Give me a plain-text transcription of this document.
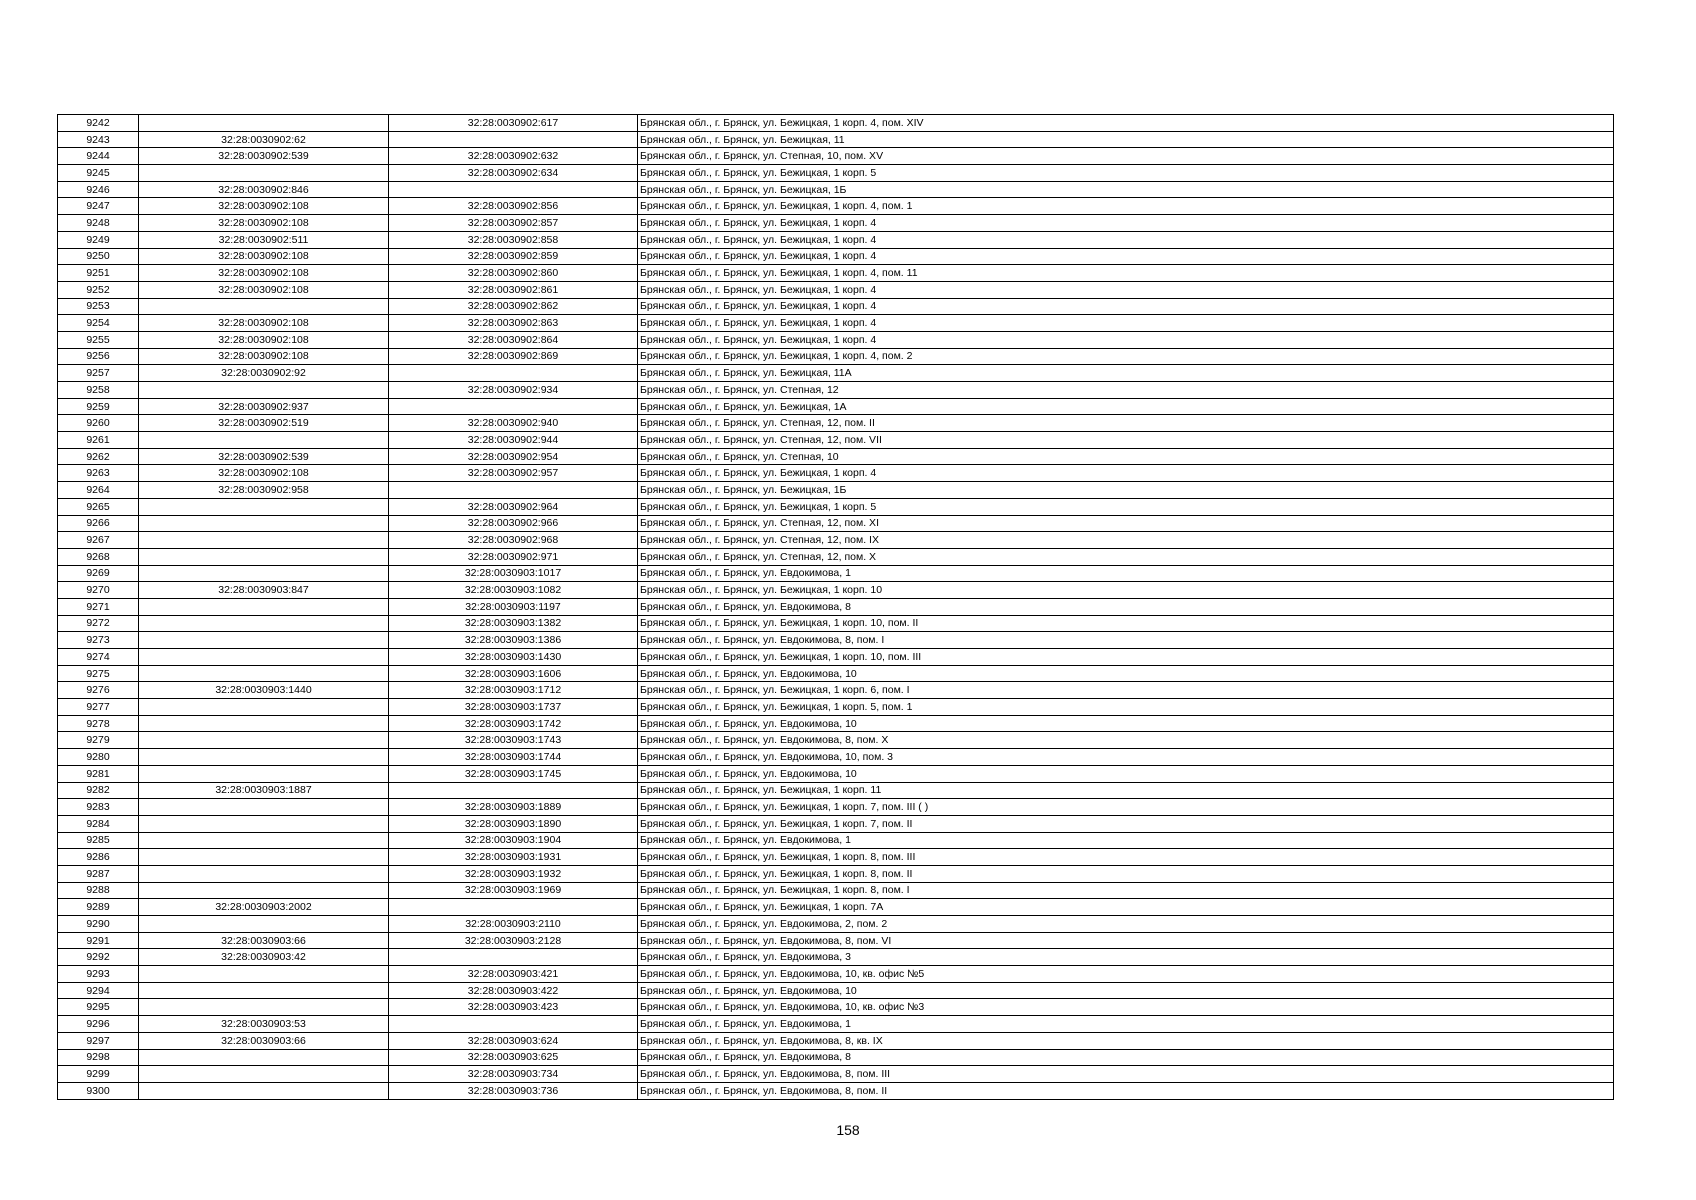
9242		32:28:0030902:617	Брянская обл., г. Брянск, ул. Бежицкая, 1 корп. 4, пом. XIV
9243	32:28:0030902:62		Брянская обл., г. Брянск, ул. Бежицкая, 11
9244	32:28:0030902:539	32:28:0030902:632	Брянская обл., г. Брянск, ул. Степная, 10, пом. XV
9245		32:28:0030902:634	Брянская обл., г. Брянск, ул. Бежицкая, 1 корп. 5
9246	32:28:0030902:846		Брянская обл., г. Брянск, ул. Бежицкая, 1Б
9247	32:28:0030902:108	32:28:0030902:856	Брянская обл., г. Брянск, ул. Бежицкая, 1 корп. 4, пом. 1
9248	32:28:0030902:108	32:28:0030902:857	Брянская обл., г. Брянск, ул. Бежицкая, 1 корп. 4
9249	32:28:0030902:511	32:28:0030902:858	Брянская обл., г. Брянск, ул. Бежицкая, 1 корп. 4
9250	32:28:0030902:108	32:28:0030902:859	Брянская обл., г. Брянск, ул. Бежицкая, 1 корп. 4
9251	32:28:0030902:108	32:28:0030902:860	Брянская обл., г. Брянск, ул. Бежицкая, 1 корп. 4, пом. 11
9252	32:28:0030902:108	32:28:0030902:861	Брянская обл., г. Брянск, ул. Бежицкая, 1 корп. 4
9253		32:28:0030902:862	Брянская обл., г. Брянск, ул. Бежицкая, 1 корп. 4
9254	32:28:0030902:108	32:28:0030902:863	Брянская обл., г. Брянск, ул. Бежицкая, 1 корп. 4
9255	32:28:0030902:108	32:28:0030902:864	Брянская обл., г. Брянск, ул. Бежицкая, 1 корп. 4
9256	32:28:0030902:108	32:28:0030902:869	Брянская обл., г. Брянск, ул. Бежицкая, 1 корп. 4, пом. 2
9257	32:28:0030902:92		Брянская обл., г. Брянск, ул. Бежицкая, 11А
9258		32:28:0030902:934	Брянская обл., г. Брянск, ул. Степная, 12
9259	32:28:0030902:937		Брянская обл., г. Брянск, ул. Бежицкая, 1А
9260	32:28:0030902:519	32:28:0030902:940	Брянская обл., г. Брянск, ул. Степная, 12, пом. II
9261		32:28:0030902:944	Брянская обл., г. Брянск, ул. Степная, 12, пом. VII
9262	32:28:0030902:539	32:28:0030902:954	Брянская обл., г. Брянск, ул. Степная, 10
9263	32:28:0030902:108	32:28:0030902:957	Брянская обл., г. Брянск, ул. Бежицкая, 1 корп. 4
9264	32:28:0030902:958		Брянская обл., г. Брянск, ул. Бежицкая, 1Б
9265		32:28:0030902:964	Брянская обл., г. Брянск, ул. Бежицкая, 1 корп. 5
9266		32:28:0030902:966	Брянская обл., г. Брянск, ул. Степная, 12, пом. XI
9267		32:28:0030902:968	Брянская обл., г. Брянск, ул. Степная, 12, пом. IX
9268		32:28:0030902:971	Брянская обл., г. Брянск, ул. Степная, 12, пом. X
9269		32:28:0030903:1017	Брянская обл., г. Брянск, ул. Евдокимова, 1
9270	32:28:0030903:847	32:28:0030903:1082	Брянская обл., г. Брянск, ул. Бежицкая, 1 корп. 10
9271		32:28:0030903:1197	Брянская обл., г. Брянск, ул. Евдокимова, 8
9272		32:28:0030903:1382	Брянская обл., г. Брянск, ул. Бежицкая, 1 корп. 10, пом. II
9273		32:28:0030903:1386	Брянская обл., г. Брянск, ул. Евдокимова, 8, пом. I
9274		32:28:0030903:1430	Брянская обл., г. Брянск, ул. Бежицкая, 1 корп. 10, пом. III
9275		32:28:0030903:1606	Брянская обл., г. Брянск, ул. Евдокимова, 10
9276	32:28:0030903:1440	32:28:0030903:1712	Брянская обл., г. Брянск, ул. Бежицкая, 1 корп. 6, пом. I
9277		32:28:0030903:1737	Брянская обл., г. Брянск, ул. Бежицкая, 1 корп. 5, пом. 1
9278		32:28:0030903:1742	Брянская обл., г. Брянск, ул. Евдокимова, 10
9279		32:28:0030903:1743	Брянская обл., г. Брянск, ул. Евдокимова, 8, пом. X
9280		32:28:0030903:1744	Брянская обл., г. Брянск, ул. Евдокимова, 10, пом. 3
9281		32:28:0030903:1745	Брянская обл., г. Брянск, ул. Евдокимова, 10
9282	32:28:0030903:1887		Брянская обл., г. Брянск, ул. Бежицкая, 1 корп. 11
9283		32:28:0030903:1889	Брянская обл., г. Брянск, ул. Бежицкая, 1 корп. 7, пом. III ( )
9284		32:28:0030903:1890	Брянская обл., г. Брянск, ул. Бежицкая, 1 корп. 7, пом. II
9285		32:28:0030903:1904	Брянская обл., г. Брянск, ул. Евдокимова, 1
9286		32:28:0030903:1931	Брянская обл., г. Брянск, ул. Бежицкая, 1 корп. 8, пом. III
9287		32:28:0030903:1932	Брянская обл., г. Брянск, ул. Бежицкая, 1 корп. 8, пом. II
9288		32:28:0030903:1969	Брянская обл., г. Брянск, ул. Бежицкая, 1 корп. 8, пом. I
9289	32:28:0030903:2002		Брянская обл., г. Брянск, ул. Бежицкая, 1 корп. 7А
9290		32:28:0030903:2110	Брянская обл., г. Брянск, ул. Евдокимова, 2, пом. 2
9291	32:28:0030903:66	32:28:0030903:2128	Брянская обл., г. Брянск, ул. Евдокимова, 8, пом. VI
9292	32:28:0030903:42		Брянская обл., г. Брянск, ул. Евдокимова, 3
9293		32:28:0030903:421	Брянская обл., г. Брянск, ул. Евдокимова, 10, кв. офис №5
9294		32:28:0030903:422	Брянская обл., г. Брянск, ул. Евдокимова, 10
9295		32:28:0030903:423	Брянская обл., г. Брянск, ул. Евдокимова, 10, кв. офис №3
9296	32:28:0030903:53		Брянская обл., г. Брянск, ул. Евдокимова, 1
9297	32:28:0030903:66	32:28:0030903:624	Брянская обл., г. Брянск, ул. Евдокимова, 8, кв. IX
9298		32:28:0030903:625	Брянская обл., г. Брянск, ул. Евдокимова, 8
9299		32:28:0030903:734	Брянская обл., г. Брянск, ул. Евдокимова, 8, пом. III
9300		32:28:0030903:736	Брянская обл., г. Брянск, ул. Евдокимова, 8, пом. II
158
